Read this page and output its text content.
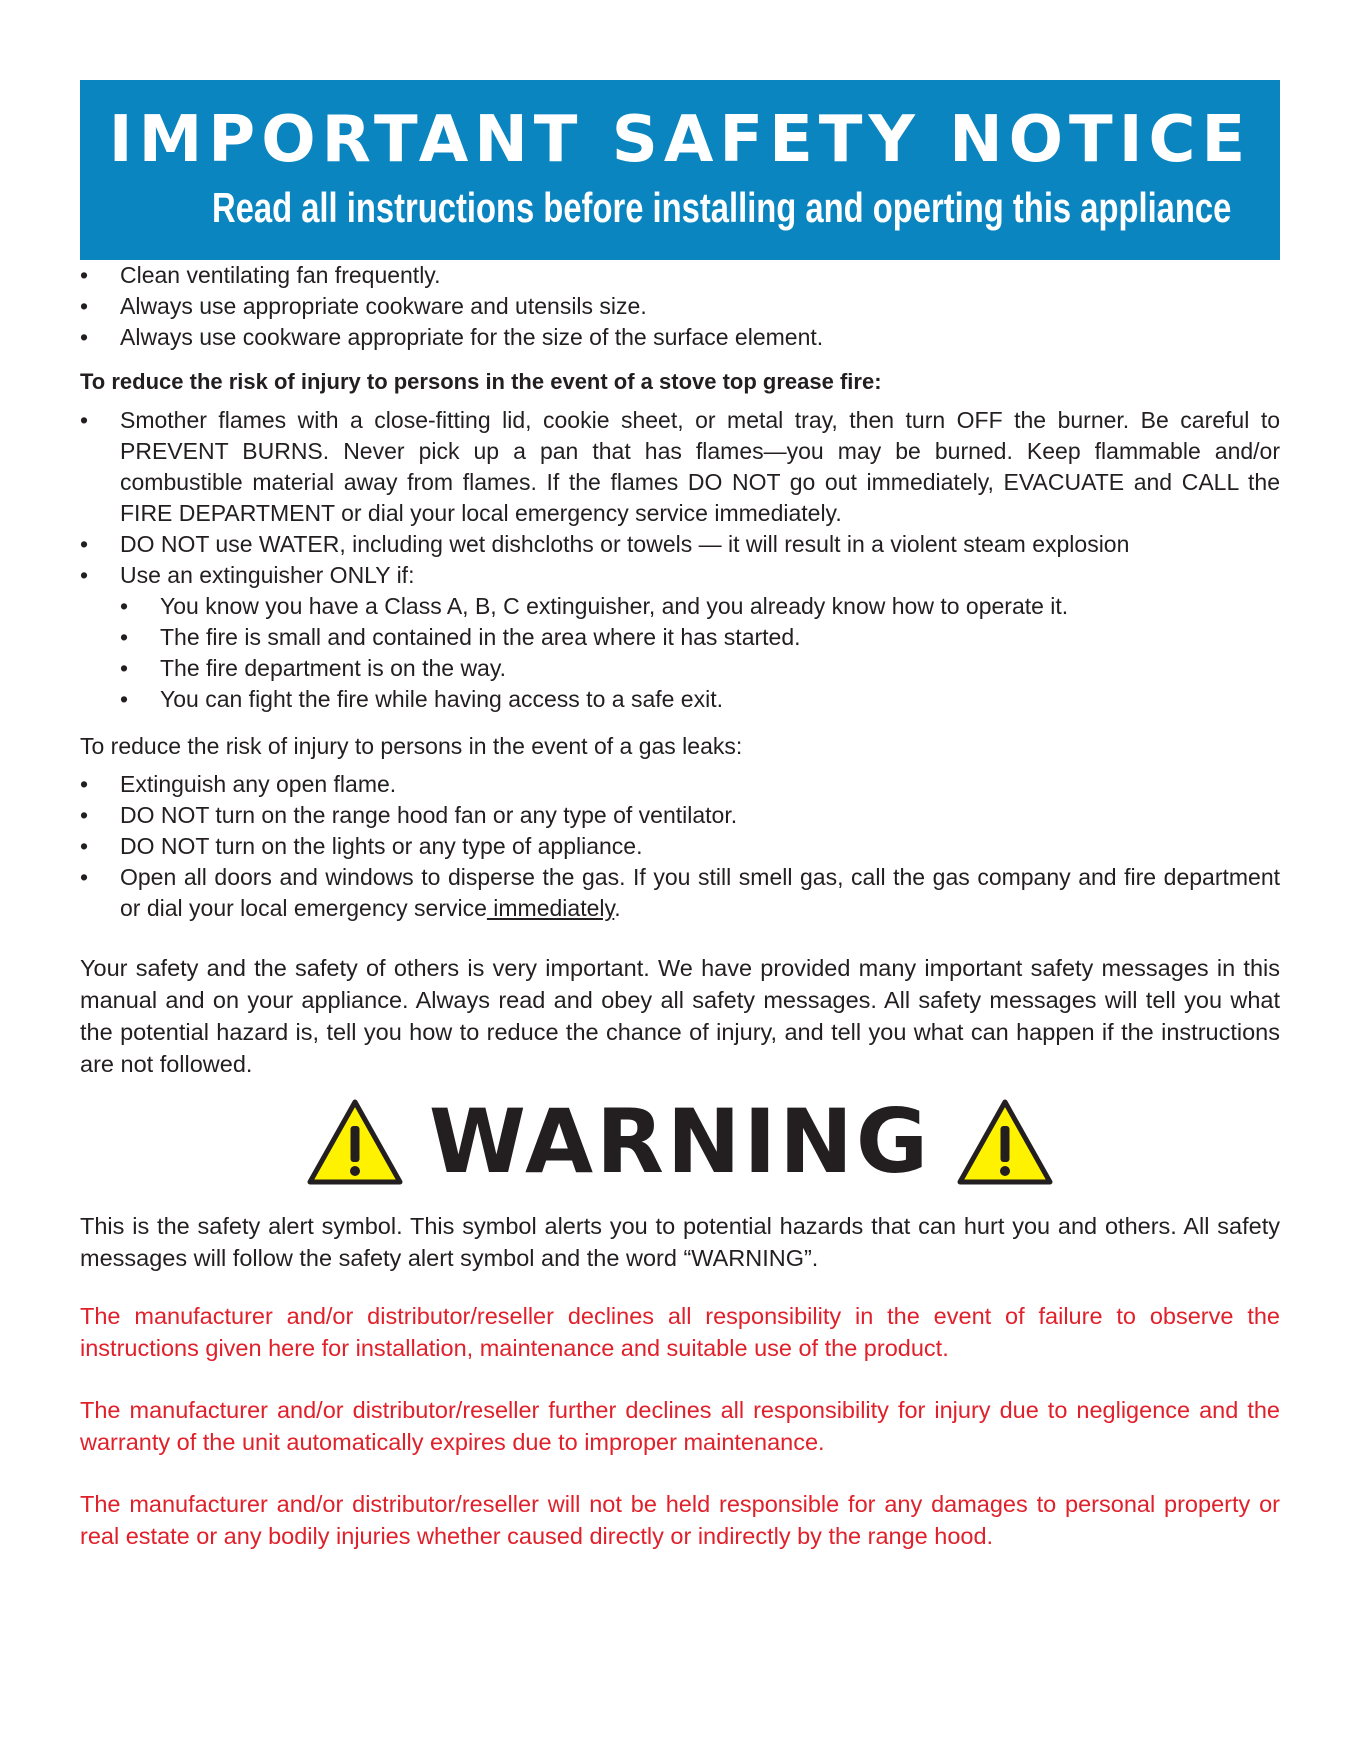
IMPORTANT SAFETY NOTICE
Read all instructions before installing and operting this appliance
• Clean ventilating fan frequently.
• Always use appropriate cookware and utensils size.
• Always use cookware appropriate for the size of the surface element.
To reduce the risk of injury to persons in the event of a stove top grease fire:
• Smother flames with a close-fitting lid, cookie sheet, or metal tray, then turn OFF the burner. Be careful to PREVENT BURNS. Never pick up a pan that has flames—you may be burned. Keep flammable and/or combustible material away from flames. If the flames DO NOT go out immediately, EVACUATE and CALL the FIRE DEPARTMENT or dial your local emergency service immediately.
• DO NOT use WATER, including wet dishcloths or towels — it will result in a violent steam explosion
• Use an extinguisher ONLY if:
• You know you have a Class A, B, C extinguisher, and you already know how to operate it.
• The fire is small and contained in the area where it has started.
• The fire department is on the way.
• You can fight the fire while having access to a safe exit.
To reduce the risk of injury to persons in the event of a gas leaks:
• Extinguish any open flame.
• DO NOT turn on the range hood fan or any type of ventilator.
• DO NOT turn on the lights or any type of appliance.
• Open all doors and windows to disperse the gas. If you still smell gas, call the gas company and fire department or dial your local emergency service immediately.

Your safety and the safety of others is very important. We have provided many important safety messages in this manual and on your appliance. Always read and obey all safety messages. All safety messages will tell you what the potential hazard is, tell you how to reduce the chance of injury, and tell you what can happen if the instructions are not followed.

WARNING

This is the safety alert symbol. This symbol alerts you to potential hazards that can hurt you and others. All safety messages will follow the safety alert symbol and the word “WARNING”.

The manufacturer and/or distributor/reseller declines all responsibility in the event of failure to observe the instructions given here for installation, maintenance and suitable use of the product.

The manufacturer and/or distributor/reseller further declines all responsibility for injury due to negligence and the warranty of the unit automatically expires due to improper maintenance.

The manufacturer and/or distributor/reseller will not be held responsible for any damages to personal property or real estate or any bodily injuries whether caused directly or indirectly by the range hood.
